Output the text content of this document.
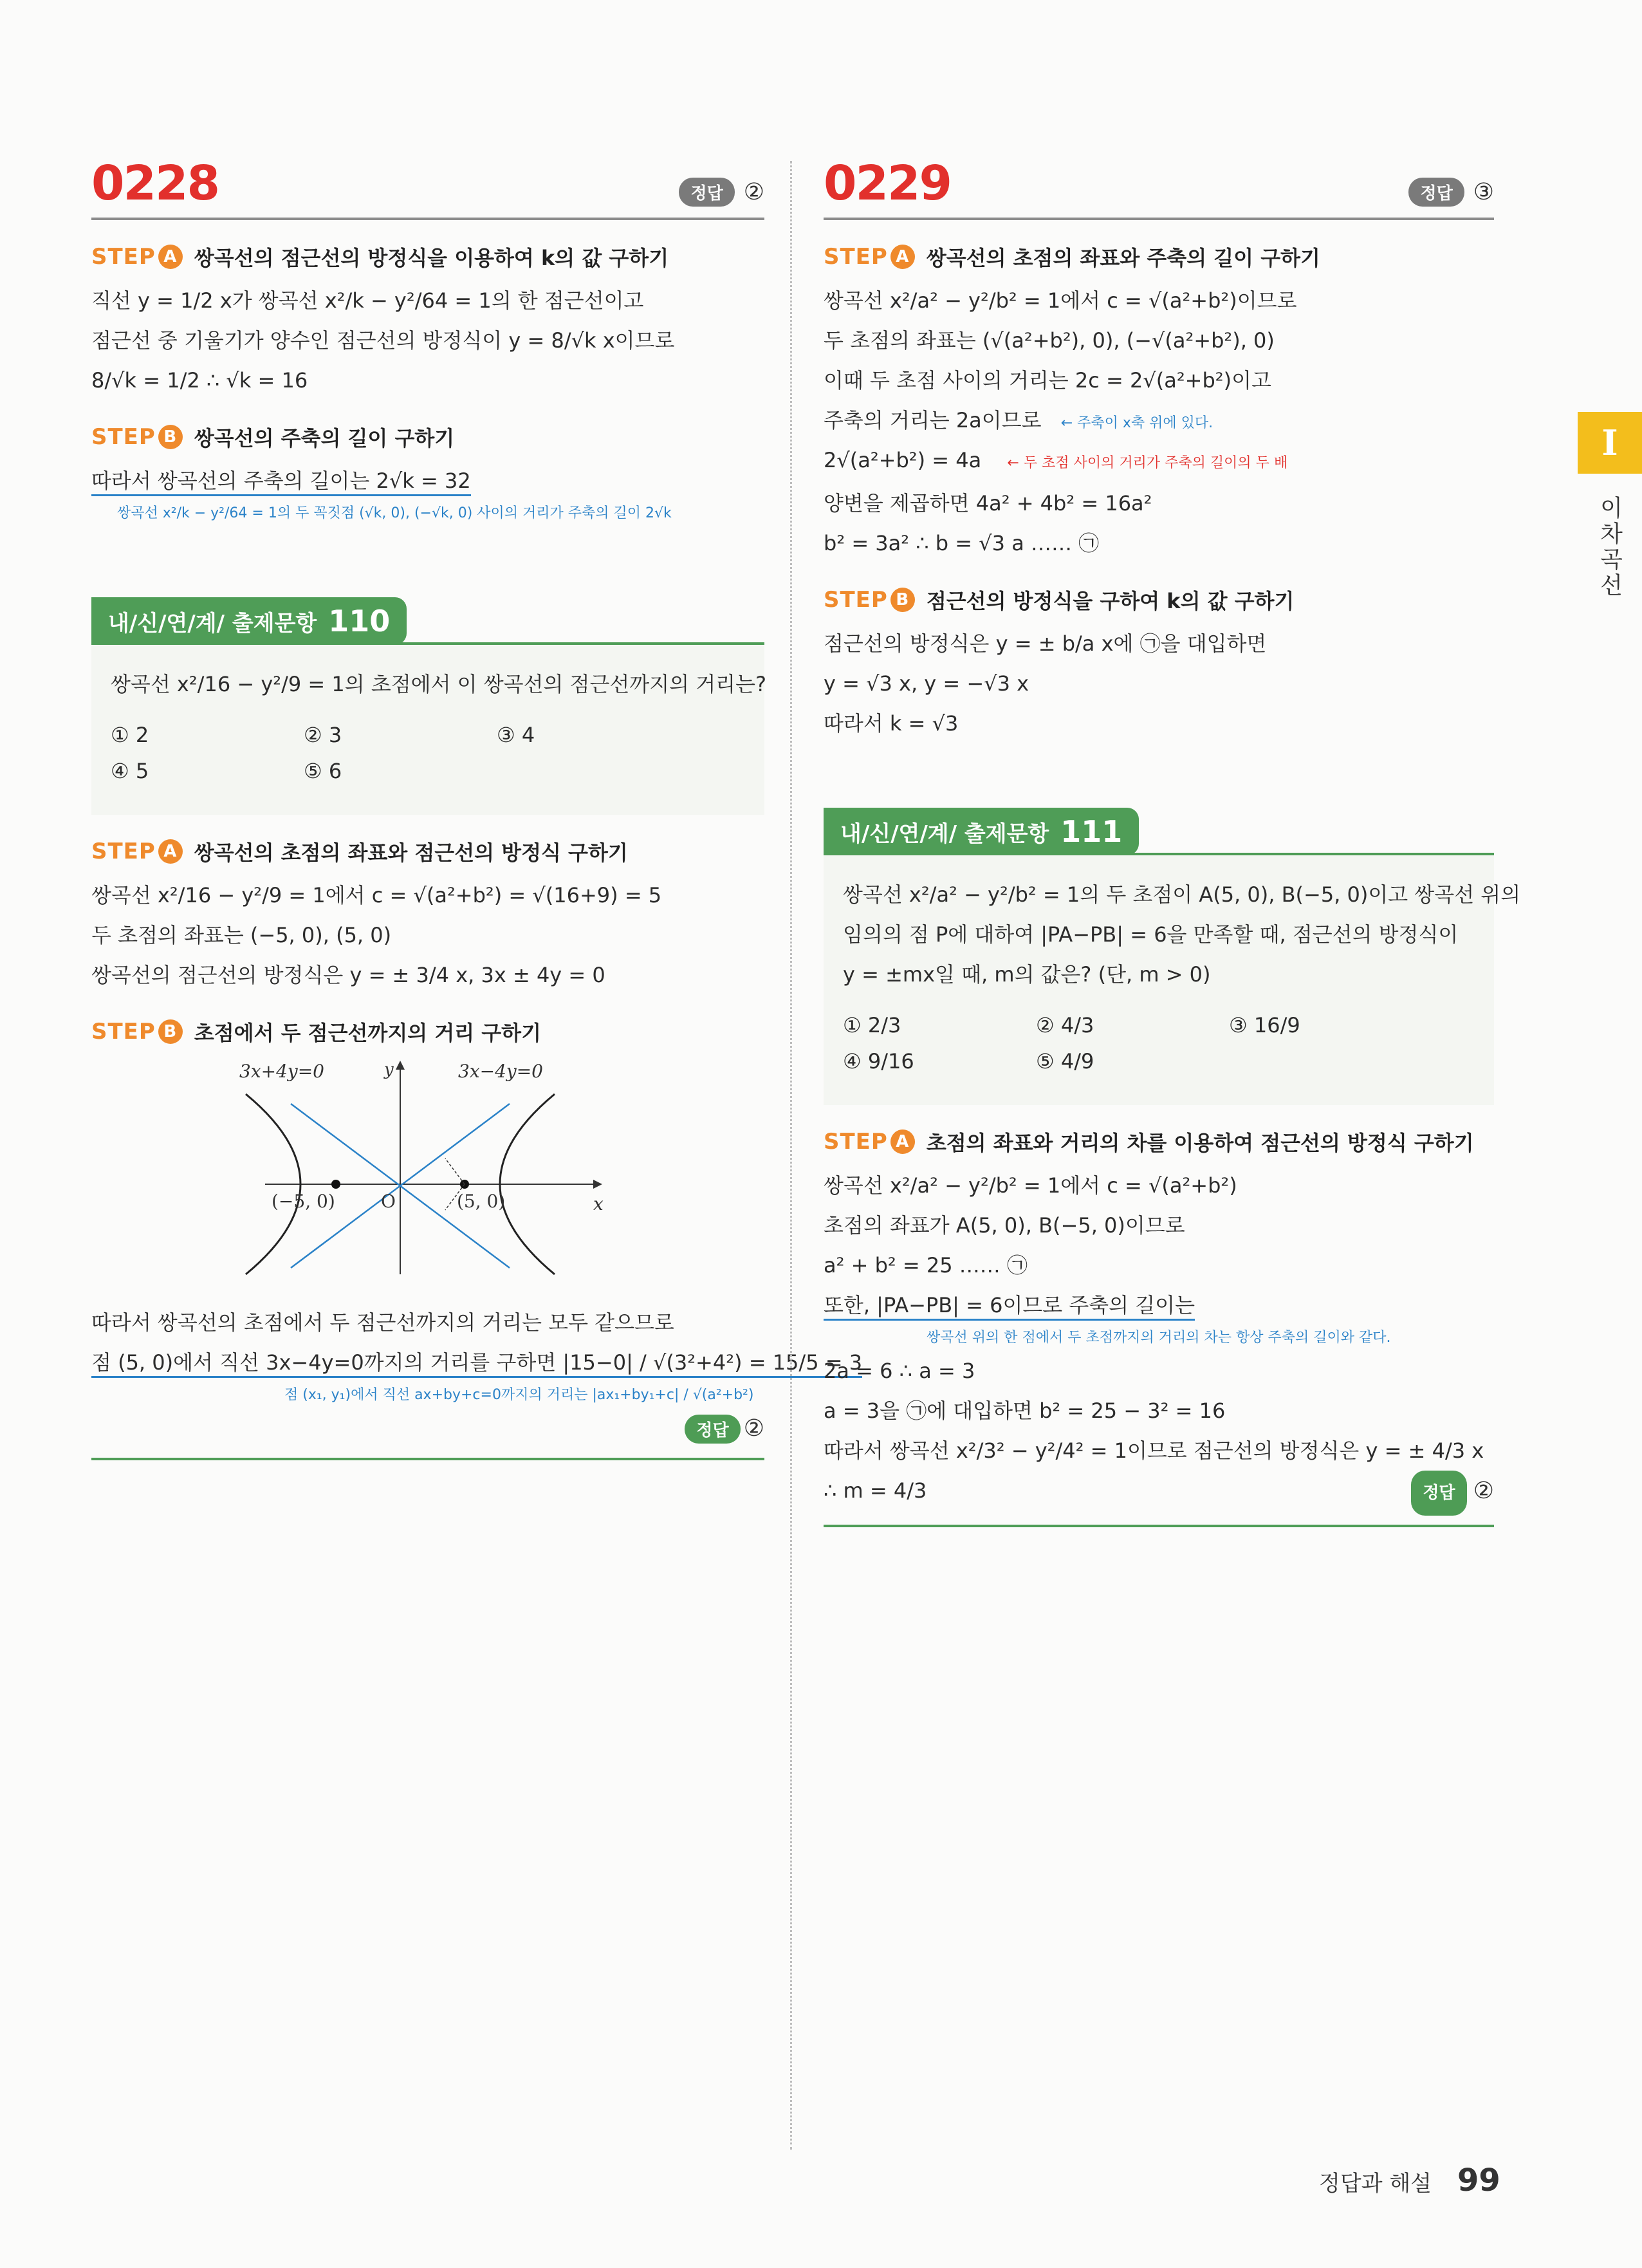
0228	정답 ②
STEP A 쌍곡선의 점근선의 방정식을 이용하여 k의 값 구하기
직선 y = 1/2 x가 쌍곡선 x²/k − y²/64 = 1의 한 점근선이고
점근선 중 기울기가 양수인 점근선의 방정식이 y = 8/√k x이므로
8/√k = 1/2 ∴ √k = 16
STEP B 쌍곡선의 주축의 길이 구하기
따라서 쌍곡선의 주축의 길이는 2√k = 32
쌍곡선 x²/k − y²/64 = 1의 두 꼭짓점 (√k, 0), (−√k, 0) 사이의 거리가 주축의 길이 2√k
내/신/연/계/ 출제문항 110
쌍곡선 x²/16 − y²/9 = 1의 초점에서 이 쌍곡선의 점근선까지의 거리는?
① 2	② 3	③ 4
④ 5	⑤ 6
STEP A 쌍곡선의 초점의 좌표와 점근선의 방정식 구하기
쌍곡선 x²/16 − y²/9 = 1에서 c = √(a²+b²) = √(16+9) = 5
두 초점의 좌표는 (−5, 0), (5, 0)
쌍곡선의 점근선의 방정식은 y = ± 3/4 x, 3x ± 4y = 0
STEP B 초점에서 두 점근선까지의 거리 구하기
3x+4y=0	3x−4y=0
y
x
O
(−5, 0)	(5, 0)
따라서 쌍곡선의 초점에서 두 점근선까지의 거리는 모두 같으므로
점 (5, 0)에서 직선 3x−4y=0까지의 거리를 구하면 |15−0| / √(3²+4²) = 15/5 = 3
점 (x₁, y₁)에서 직선 ax+by+c=0까지의 거리는 |ax₁+by₁+c| / √(a²+b²)
정답 ②
0229	정답 ③
STEP A 쌍곡선의 초점의 좌표와 주축의 길이 구하기
쌍곡선 x²/a² − y²/b² = 1에서 c = √(a²+b²)이므로
두 초점의 좌표는 (√(a²+b²), 0), (−√(a²+b²), 0)
이때 두 초점 사이의 거리는 2c = 2√(a²+b²)이고
주축의 거리는 2a이므로 ← 주축이 x축 위에 있다.
2√(a²+b²) = 4a ← 두 초점 사이의 거리가 주축의 길이의 두 배
양변을 제곱하면 4a² + 4b² = 16a²
b² = 3a² ∴ b = √3 a …… ㉠
STEP B 점근선의 방정식을 구하여 k의 값 구하기
점근선의 방정식은 y = ± b/a x에 ㉠을 대입하면
y = √3 x, y = −√3 x
따라서 k = √3
내/신/연/계/ 출제문항 111
쌍곡선 x²/a² − y²/b² = 1의 두 초점이 A(5, 0), B(−5, 0)이고 쌍곡선 위의
임의의 점 P에 대하여 |PA−PB| = 6을 만족할 때, 점근선의 방정식이
y = ±mx일 때, m의 값은? (단, m > 0)
① 2/3	② 4/3	③ 16/9
④ 9/16	⑤ 4/9
STEP A 초점의 좌표와 거리의 차를 이용하여 점근선의 방정식 구하기
쌍곡선 x²/a² − y²/b² = 1에서 c = √(a²+b²)
초점의 좌표가 A(5, 0), B(−5, 0)이므로
a² + b² = 25 …… ㉠
또한, |PA−PB| = 6이므로 주축의 길이는
쌍곡선 위의 한 점에서 두 초점까지의 거리의 차는 항상 주축의 길이와 같다.
2a = 6 ∴ a = 3
a = 3을 ㉠에 대입하면 b² = 25 − 3² = 16
따라서 쌍곡선 x²/3² − y²/4² = 1이므로 점근선의 방정식은 y = ± 4/3 x
∴ m = 4/3	정답 ②
I
이차곡선
정답과 해설 99
